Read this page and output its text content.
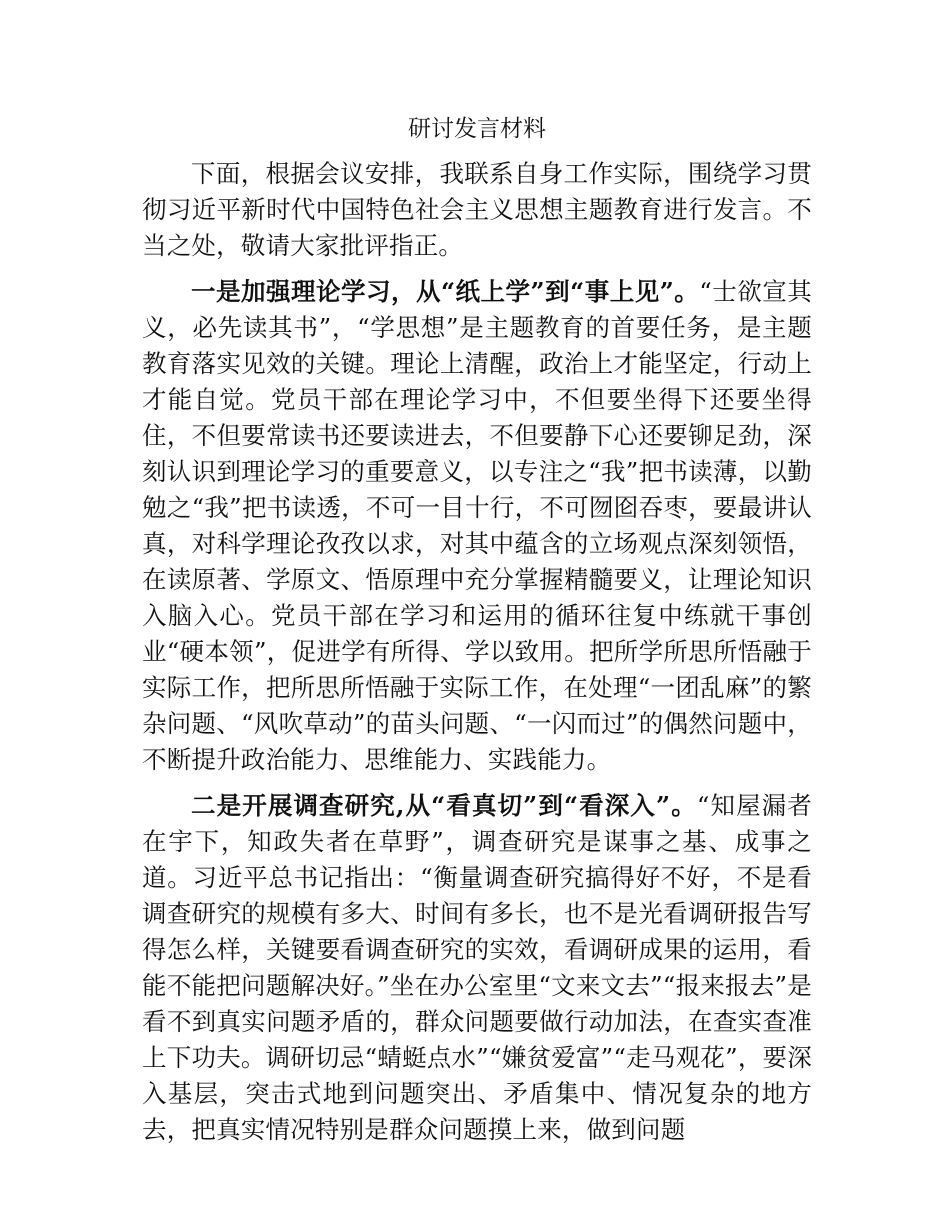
研讨发言材料

下面，根据会议安排，我联系自身工作实际，围绕学习贯彻习近平新时代中国特色社会主义思想主题教育进行发言。不当之处，敬请大家批评指正。

一是加强理论学习，从“纸上学”到“事上见”。“士欲宣其义，必先读其书”，“学思想”是主题教育的首要任务，是主题教育落实见效的关键。理论上清醒，政治上才能坚定，行动上才能自觉。党员干部在理论学习中，不但要坐得下还要坐得住，不但要常读书还要读进去，不但要静下心还要铆足劲，深刻认识到理论学习的重要意义，以专注之“我”把书读薄，以勤勉之“我”把书读透，不可一目十行，不可囫囵吞枣，要最讲认真，对科学理论孜孜以求，对其中蕴含的立场观点深刻领悟，在读原著、学原文、悟原理中充分掌握精髓要义，让理论知识入脑入心。党员干部在学习和运用的循环往复中练就干事创业“硬本领”，促进学有所得、学以致用。把所学所思所悟融于实际工作，把所思所悟融于实际工作，在处理“一团乱麻”的繁杂问题、“风吹草动”的苗头问题、“一闪而过”的偶然问题中，不断提升政治能力、思维能力、实践能力。

二是开展调查研究,从“看真切”到“看深入”。“知屋漏者在宇下，知政失者在草野”，调查研究是谋事之基、成事之道。习近平总书记指出：“衡量调查研究搞得好不好，不是看调查研究的规模有多大、时间有多长，也不是光看调研报告写得怎么样，关键要看调查研究的实效，看调研成果的运用，看能不能把问题解决好。”坐在办公室里“文来文去”“报来报去”是看不到真实问题矛盾的，群众问题要做行动加法，在查实查准上下功夫。调研切忌“蜻蜓点水”“嫌贫爱富”“走马观花”，要深入基层，突击式地到问题突出、矛盾集中、情况复杂的地方去，把真实情况特别是群众问题摸上来，做到问题
